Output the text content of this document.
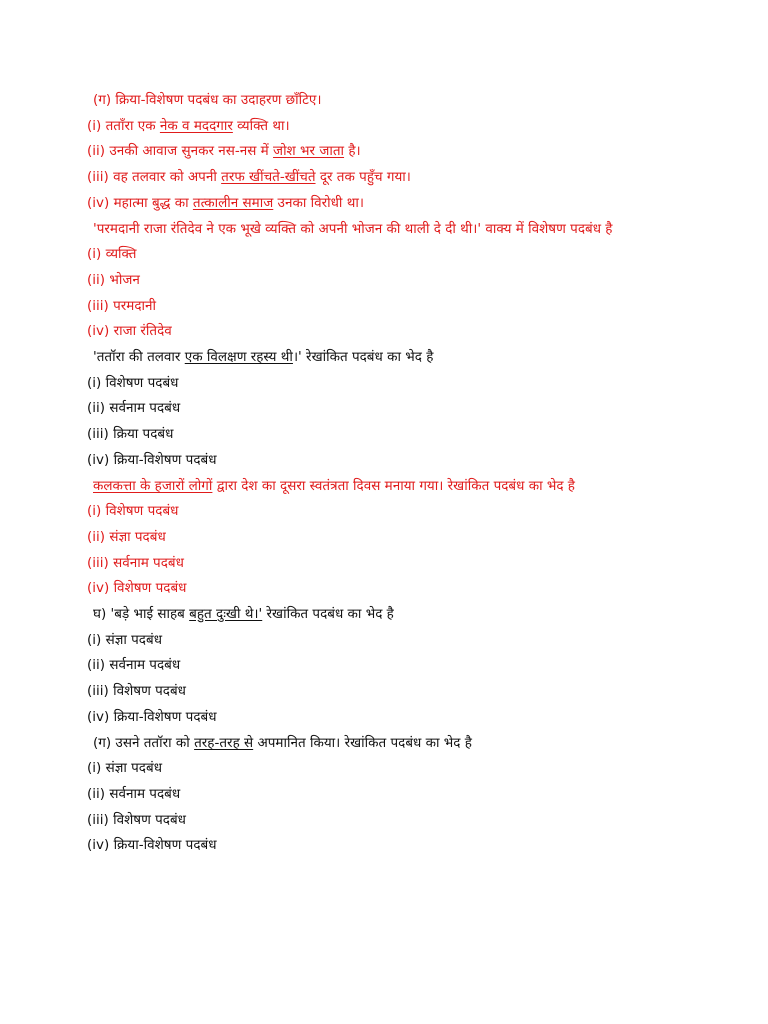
(ग) क्रिया-विशेषण पदबंध का उदाहरण छाँटिए।
(i) तताँरा एक नेक व मददगार व्यक्ति था।
(ii) उनकी आवाज सुनकर नस-नस में जोश भर जाता है।
(iii) वह तलवार को अपनी तरफ खींचते-खींचते दूर तक पहुँच गया।
(iv) महात्मा बुद्ध का तत्कालीन समाज उनका विरोधी था।
'परमदानी राजा रंतिदेव ने एक भूखे व्यक्ति को अपनी भोजन की थाली दे दी थी।' वाक्य में विशेषण पदबंध है
(i) व्यक्ति
(ii) भोजन
(iii) परमदानी
(iv) राजा रंतिदेव
'ततॉरा की तलवार एक विलक्षण रहस्य थी।' रेखांकित पदबंध का भेद है
(i) विशेषण पदबंध
(ii) सर्वनाम पदबंध
(iii) क्रिया पदबंध
(iv) क्रिया-विशेषण पदबंध
कलकत्ता के हजारों लोगों द्वारा देश का दूसरा स्वतंत्रता दिवस मनाया गया। रेखांकित पदबंध का भेद है
(i) विशेषण पदबंध
(ii) संज्ञा पदबंध
(iii) सर्वनाम पदबंध
(iv) विशेषण पदबंध
घ) 'बड़े भाई साहब बहुत दुःखी थे।' रेखांकित पदबंध का भेद है
(i) संज्ञा पदबंध
(ii) सर्वनाम पदबंध
(iii) विशेषण पदबंध
(iv) क्रिया-विशेषण पदबंध
(ग) उसने ततॉरा को तरह-तरह से अपमानित किया। रेखांकित पदबंध का भेद है
(i) संज्ञा पदबंध
(ii) सर्वनाम पदबंध
(iii) विशेषण पदबंध
(iv) क्रिया-विशेषण पदबंध
